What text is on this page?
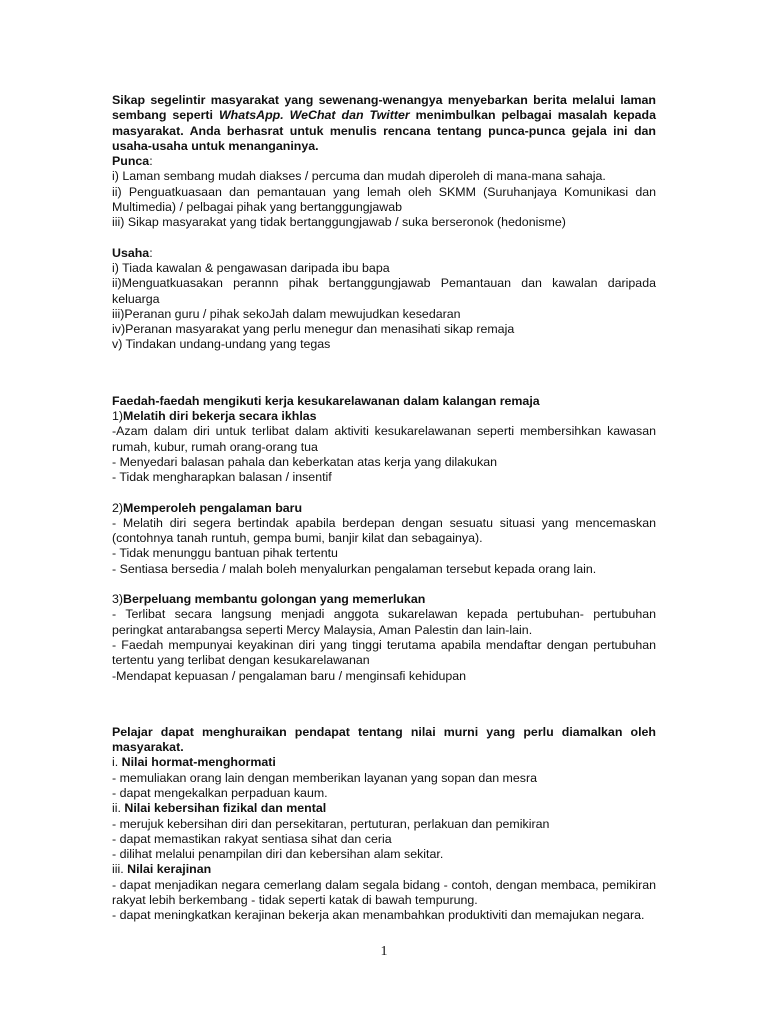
Sikap segelintir masyarakat yang sewenang-wenangya menyebarkan berita melalui laman sembang seperti WhatsApp. WeChat dan Twitter menimbulkan pelbagai masalah kepada masyarakat. Anda berhasrat untuk menulis rencana tentang punca-punca gejala ini dan usaha-usaha untuk menanganinya.

Punca:

i) Laman sembang mudah diakses / percuma dan mudah diperoleh di mana-mana sahaja.

ii) Penguatkuasaan dan pemantauan yang lemah oleh SKMM (Suruhanjaya Komunikasi dan Multimedia) / pelbagai pihak yang bertanggungjawab

iii) Sikap masyarakat yang tidak bertanggungjawab / suka berseronok (hedonisme)

Usaha:

i) Tiada kawalan & pengawasan daripada ibu bapa

ii)Menguatkuasakan perannn pihak bertanggungjawab Pemantauan dan kawalan daripada keluarga

iii)Peranan guru / pihak sekoJah dalam mewujudkan kesedaran

iv)Peranan masyarakat yang perlu menegur dan menasihati sikap remaja

v) Tindakan undang-undang yang tegas

Faedah-faedah mengikuti kerja kesukarelawanan dalam kalangan remaja

1)Melatih diri bekerja secara ikhlas

-Azam dalam diri untuk terlibat dalam aktiviti kesukarelawanan seperti membersihkan kawasan rumah, kubur, rumah orang-orang tua

- Menyedari balasan pahala dan keberkatan atas kerja yang dilakukan

- Tidak mengharapkan balasan / insentif

2)Memperoleh pengalaman baru

- Melatih diri segera bertindak apabila berdepan dengan sesuatu situasi yang mencemaskan (contohnya tanah runtuh, gempa bumi, banjir kilat dan sebagainya).

- Tidak menunggu bantuan pihak tertentu

- Sentiasa bersedia / malah boleh menyalurkan pengalaman tersebut kepada orang lain.

3)Berpeluang membantu golongan yang memerlukan

- Terlibat secara langsung menjadi anggota sukarelawan kepada pertubuhan- pertubuhan peringkat antarabangsa seperti Mercy Malaysia, Aman Palestin dan lain-lain.

- Faedah mempunyai keyakinan diri yang tinggi terutama apabila mendaftar dengan pertubuhan tertentu yang terlibat dengan kesukarelawanan

-Mendapat kepuasan / pengalaman baru / menginsafi kehidupan

Pelajar dapat menghuraikan pendapat tentang nilai murni yang perlu diamalkan oleh masyarakat.

i. Nilai hormat-menghormati

- memuliakan orang lain dengan memberikan layanan yang sopan dan mesra

- dapat mengekalkan perpaduan kaum.

ii. Nilai kebersihan fizikal dan mental

- merujuk kebersihan diri dan persekitaran, pertuturan, perlakuan dan pemikiran

- dapat memastikan rakyat sentiasa sihat dan ceria

- dilihat melalui penampilan diri dan kebersihan alam sekitar.

iii. Nilai kerajinan

- dapat menjadikan negara cemerlang dalam segala bidang - contoh, dengan membaca, pemikiran rakyat lebih berkembang - tidak seperti katak di bawah tempurung.

- dapat meningkatkan kerajinan bekerja akan menambahkan produktiviti dan memajukan negara.

1
